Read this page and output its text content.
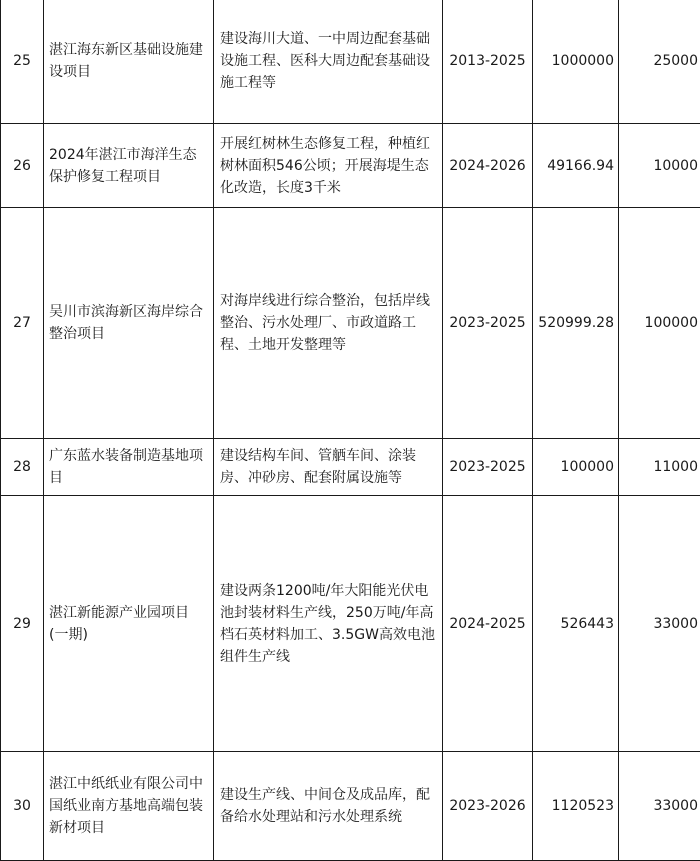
25	湛江海东新区基础设施建设项目	建设海川大道、一中周边配套基础设施工程、医科大周边配套基础设施工程等	2013-2025	1000000	25000
26	2024年湛江市海洋生态保护修复工程项目	开展红树林生态修复工程，种植红树林面积546公顷；开展海堤生态化改造，长度3千米	2024-2026	49166.94	10000
27	吴川市滨海新区海岸综合整治项目	对海岸线进行综合整治，包括岸线整治、污水处理厂、市政道路工程、土地开发整理等	2023-2025	520999.28	100000
28	广东蓝水装备制造基地项目	建设结构车间、管舾车间、涂装房、冲砂房、配套附属设施等	2023-2025	100000	11000
29	湛江新能源产业园项目(一期)	建设两条1200吨/年大阳能光伏电池封装材料生产线，250万吨/年高档石英材料加工、3.5GW高效电池组件生产线	2024-2025	526443	33000
30	湛江中纸纸业有限公司中国纸业南方基地高端包装新材项目	建设生产线、中间仓及成品库，配备给水处理站和污水处理系统	2023-2026	1120523	33000
